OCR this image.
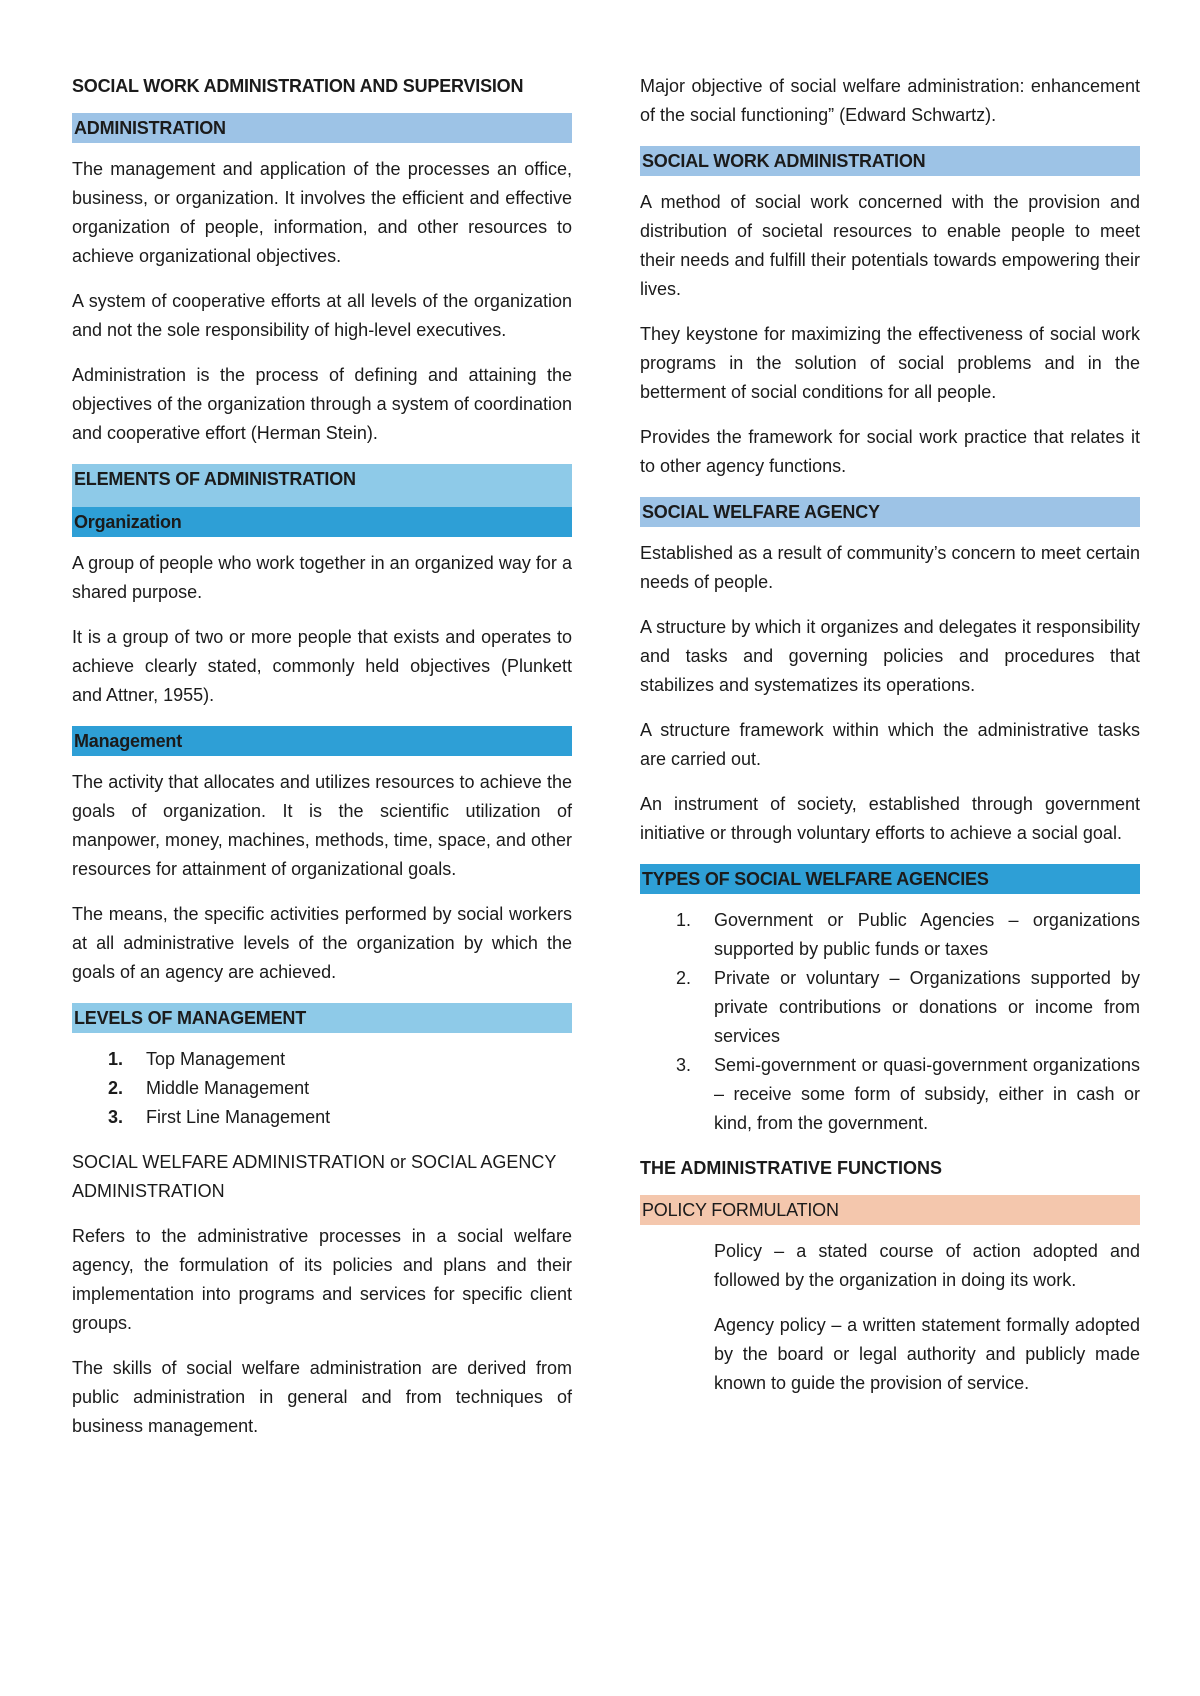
SOCIAL WORK ADMINISTRATION AND SUPERVISION

ADMINISTRATION

The management and application of the processes an office, business, or organization. It involves the efficient and effective organization of people, information, and other resources to achieve organizational objectives.

A system of cooperative efforts at all levels of the organization and not the sole responsibility of high-level executives.

Administration is the process of defining and attaining the objectives of the organization through a system of coordination and cooperative effort (Herman Stein).

ELEMENTS OF ADMINISTRATION
Organization

A group of people who work together in an organized way for a shared purpose.

It is a group of two or more people that exists and operates to achieve clearly stated, commonly held objectives (Plunkett and Attner, 1955).

Management

The activity that allocates and utilizes resources to achieve the goals of organization. It is the scientific utilization of manpower, money, machines, methods, time, space, and other resources for attainment of organizational goals.

The means, the specific activities performed by social workers at all administrative levels of the organization by which the goals of an agency are achieved.

LEVELS OF MANAGEMENT
1. Top Management
2. Middle Management
3. First Line Management

SOCIAL WELFARE ADMINISTRATION or SOCIAL AGENCY ADMINISTRATION

Refers to the administrative processes in a social welfare agency, the formulation of its policies and plans and their implementation into programs and services for specific client groups.

The skills of social welfare administration are derived from public administration in general and from techniques of business management.

Major objective of social welfare administration: enhancement of the social functioning” (Edward Schwartz).

SOCIAL WORK ADMINISTRATION

A method of social work concerned with the provision and distribution of societal resources to enable people to meet their needs and fulfill their potentials towards empowering their lives.

They keystone for maximizing the effectiveness of social work programs in the solution of social problems and in the betterment of social conditions for all people.

Provides the framework for social work practice that relates it to other agency functions.

SOCIAL WELFARE AGENCY

Established as a result of community’s concern to meet certain needs of people.

A structure by which it organizes and delegates it responsibility and tasks and governing policies and procedures that stabilizes and systematizes its operations.

A structure framework within which the administrative tasks are carried out.

An instrument of society, established through government initiative or through voluntary efforts to achieve a social goal.

TYPES OF SOCIAL WELFARE AGENCIES
1. Government or Public Agencies – organizations supported by public funds or taxes
2. Private or voluntary – Organizations supported by private contributions or donations or income from services
3. Semi-government or quasi-government organizations – receive some form of subsidy, either in cash or kind, from the government.

THE ADMINISTRATIVE FUNCTIONS

POLICY FORMULATION

Policy – a stated course of action adopted and followed by the organization in doing its work.

Agency policy – a written statement formally adopted by the board or legal authority and publicly made known to guide the provision of service.
